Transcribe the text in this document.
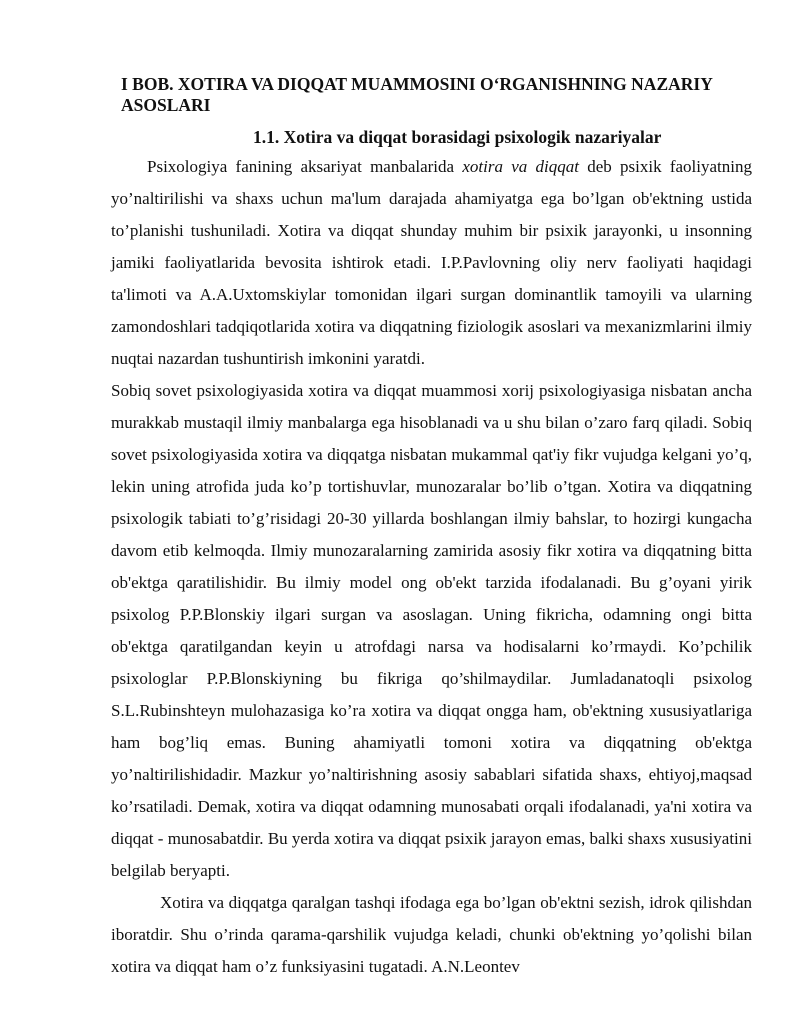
I BOB. XOTIRA VA DIQQAT MUAMMOSINI O‘RGANISHNING NAZARIY ASOSLARI
1.1. Xotira va diqqat borasidagi psixologik nazariyalar

Psixologiya fanining aksariyat manbalarida xotira va diqqat deb psixik faoliyatning yo’naltirilishi va shaxs uchun ma'lum darajada ahamiyatga ega bo’lgan ob'ektning ustida to’planishi tushuniladi. Xotira va diqqat shunday muhim bir psixik jarayonki, u insonning jamiki faoliyatlarida bevosita ishtirok etadi. I.P.Pavlovning oliy nerv faoliyati haqidagi ta'limoti va A.A.Uxtomskiylar tomonidan ilgari surgan dominantlik tamoyili va ularning zamondoshlari tadqiqotlarida xotira va diqqatning fiziologik asoslari va mexanizmlarini ilmiy nuqtai nazardan tushuntirish imkonini yaratdi.

Sobiq sovet psixologiyasida xotira va diqqat muammosi xorij psixologiyasiga nisbatan ancha murakkab mustaqil ilmiy manbalarga ega hisoblanadi va u shu bilan o’zaro farq qiladi. Sobiq sovet psixologiyasida xotira va diqqatga nisbatan mukammal qat'iy fikr vujudga kelgani yo’q, lekin uning atrofida juda ko’p tortishuvlar, munozaralar bo’lib o’tgan. Xotira va diqqatning psixologik tabiati to’g’risidagi 20-30 yillarda boshlangan ilmiy bahslar, to hozirgi kungacha davom etib kelmoqda. Ilmiy munozaralarning zamirida asosiy fikr xotira va diqqatning bitta ob'ektga qaratilishidir. Bu ilmiy model ong ob'ekt tarzida ifodalanadi. Bu g’oyani yirik psixolog P.P.Blonskiy ilgari surgan va asoslagan. Uning fikricha, odamning ongi bitta ob'ektga qaratilgandan keyin u atrofdagi narsa va hodisalarni ko’rmaydi. Ko’pchilik psixologlar P.P.Blonskiyning bu fikriga qo’shilmaydilar. Jumladanatoqli psixolog S.L.Rubinshteyn mulohazasiga ko’ra xotira va diqqat ongga ham, ob'ektning xususiyatlariga ham bog’liq emas. Buning ahamiyatli tomoni xotira va diqqatning ob'ektga yo’naltirilishidadir. Mazkur yo’naltirishning asosiy sabablari sifatida shaxs, ehtiyoj,maqsad ko’rsatiladi. Demak, xotira va diqqat odamning munosabati orqali ifodalanadi, ya'ni xotira va diqqat - munosabatdir. Bu yerda xotira va diqqat psixik jarayon emas, balki shaxs xususiyatini belgilab beryapti.

Xotira va diqqatga qaralgan tashqi ifodaga ega bo’lgan ob'ektni sezish, idrok qilishdan iboratdir. Shu o’rinda qarama-qarshilik vujudga keladi, chunki ob'ektning yo’qolishi bilan xotira va diqqat ham o’z funksiyasini tugatadi. A.N.Leontev
